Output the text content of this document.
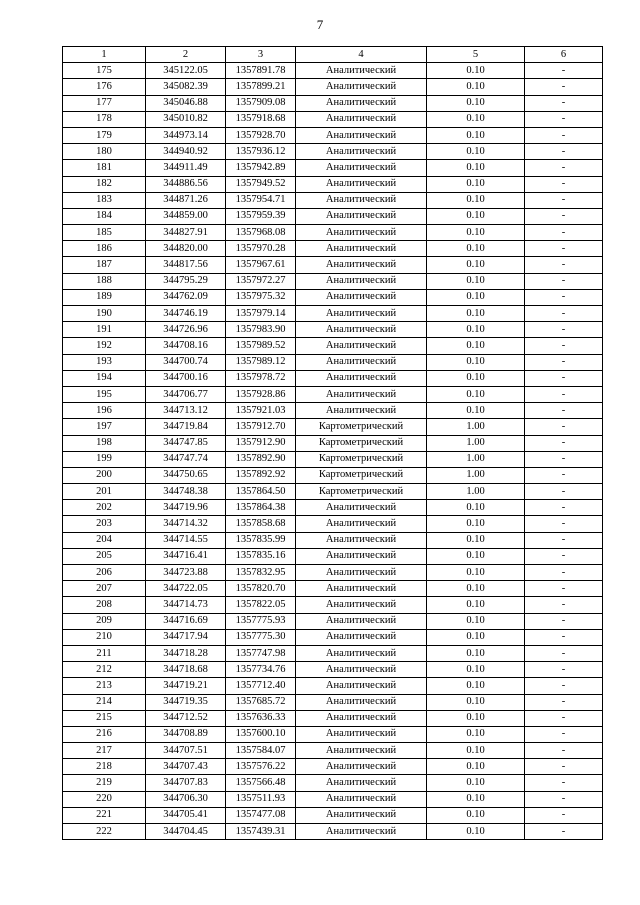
7
1	2	3	4	5	6
175	345122.05	1357891.78	Аналитический	0.10	-
176	345082.39	1357899.21	Аналитический	0.10	-
177	345046.88	1357909.08	Аналитический	0.10	-
178	345010.82	1357918.68	Аналитический	0.10	-
179	344973.14	1357928.70	Аналитический	0.10	-
180	344940.92	1357936.12	Аналитический	0.10	-
181	344911.49	1357942.89	Аналитический	0.10	-
182	344886.56	1357949.52	Аналитический	0.10	-
183	344871.26	1357954.71	Аналитический	0.10	-
184	344859.00	1357959.39	Аналитический	0.10	-
185	344827.91	1357968.08	Аналитический	0.10	-
186	344820.00	1357970.28	Аналитический	0.10	-
187	344817.56	1357967.61	Аналитический	0.10	-
188	344795.29	1357972.27	Аналитический	0.10	-
189	344762.09	1357975.32	Аналитический	0.10	-
190	344746.19	1357979.14	Аналитический	0.10	-
191	344726.96	1357983.90	Аналитический	0.10	-
192	344708.16	1357989.52	Аналитический	0.10	-
193	344700.74	1357989.12	Аналитический	0.10	-
194	344700.16	1357978.72	Аналитический	0.10	-
195	344706.77	1357928.86	Аналитический	0.10	-
196	344713.12	1357921.03	Аналитический	0.10	-
197	344719.84	1357912.70	Картометрический	1.00	-
198	344747.85	1357912.90	Картометрический	1.00	-
199	344747.74	1357892.90	Картометрический	1.00	-
200	344750.65	1357892.92	Картометрический	1.00	-
201	344748.38	1357864.50	Картометрический	1.00	-
202	344719.96	1357864.38	Аналитический	0.10	-
203	344714.32	1357858.68	Аналитический	0.10	-
204	344714.55	1357835.99	Аналитический	0.10	-
205	344716.41	1357835.16	Аналитический	0.10	-
206	344723.88	1357832.95	Аналитический	0.10	-
207	344722.05	1357820.70	Аналитический	0.10	-
208	344714.73	1357822.05	Аналитический	0.10	-
209	344716.69	1357775.93	Аналитический	0.10	-
210	344717.94	1357775.30	Аналитический	0.10	-
211	344718.28	1357747.98	Аналитический	0.10	-
212	344718.68	1357734.76	Аналитический	0.10	-
213	344719.21	1357712.40	Аналитический	0.10	-
214	344719.35	1357685.72	Аналитический	0.10	-
215	344712.52	1357636.33	Аналитический	0.10	-
216	344708.89	1357600.10	Аналитический	0.10	-
217	344707.51	1357584.07	Аналитический	0.10	-
218	344707.43	1357576.22	Аналитический	0.10	-
219	344707.83	1357566.48	Аналитический	0.10	-
220	344706.30	1357511.93	Аналитический	0.10	-
221	344705.41	1357477.08	Аналитический	0.10	-
222	344704.45	1357439.31	Аналитический	0.10	-
